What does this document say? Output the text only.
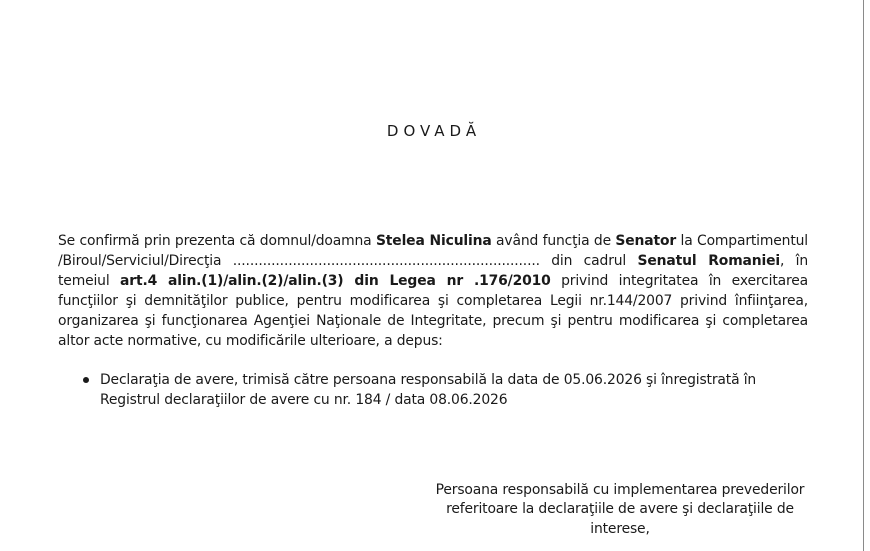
DOVADĂ

Se confirmă prin prezenta că domnul/doamna Stelea Niculina având funcţia de Senator la Compartimentul /Biroul/Serviciul/Direcţia ........................................................................ din cadrul Senatul Romaniei, în temeiul art.4 alin.(1)/alin.(2)/alin.(3) din Legea nr .176/2010 privind integritatea în exercitarea funcţiilor şi demnităţilor publice, pentru modificarea şi completarea Legii nr.144/2007 privind înfiinţarea, organizarea şi funcţionarea Agenţiei Naţionale de Integritate, precum şi pentru modificarea şi completarea altor acte normative, cu modificările ulterioare, a depus:

Declaraţia de avere, trimisă către persoana responsabilă la data de 05.06.2026 şi înregistrată în Registrul declaraţiilor de avere cu nr. 184 / data 08.06.2026
Persoana responsabilă cu implementarea prevederilor
referitoare la declaraţiile de avere şi declaraţiile de
interese,
